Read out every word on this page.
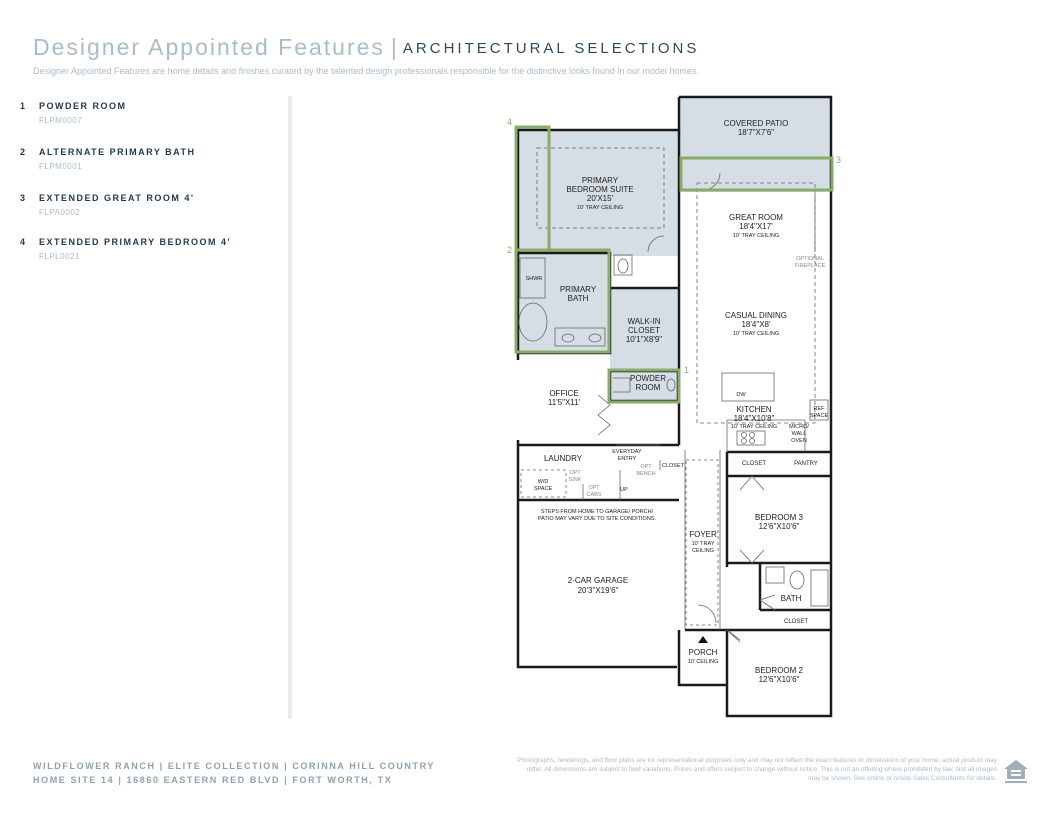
Designer Appointed Features | ARCHITECTURAL SELECTIONS
Designer Appointed Features are home details and finishes curated by the talented design professionals responsible for the distinctive looks found in our model homes.
1 POWDER ROOM
FLPM0007
2 ALTERNATE PRIMARY BATH
FLPM0001
3 EXTENDED GREAT ROOM 4'
FLPA0002
4 EXTENDED PRIMARY BEDROOM 4'
FLPL0021
4
2
3
1
COVERED PATIO
18'7"X7'6"
PRIMARY
BEDROOM SUITE
20'X15'
10' TRAY CEILING
GREAT ROOM
18'4"X17'
10' TRAY CEILING
OPTIONAL
FIREPLACE
SHWR
PRIMARY
BATH
WALK-IN
CLOSET
10'1"X8'9"
CASUAL DINING
18'4"X8'
10' TRAY CEILING
POWDER
ROOM
OFFICE
11'5"X11'
DW
KITCHEN
18'4"X10'8"
10' TRAY CEILING
REF
SPACE
MICRO/
WALL
OVEN
EVERYDAY
ENTRY
OPT
BENCH
CLOSET
LAUNDRY
W/D
SPACE
OPT
SINK
OPT
CABS
UP
CLOSET	PANTRY
STEPS FROM HOME TO GARAGE/ PORCH/
PATIO MAY VARY DUE TO SITE CONDITIONS.	BEDROOM 3
12'6"X10'6"
FOYER
10' TRAY
CEILING
2-CAR GARAGE
20'3"X19'6"
BATH
CLOSET
PORCH
10' CEILING
BEDROOM 2
12'6"X10'6"
WILDFLOWER RANCH | ELITE COLLECTION | CORINNA HILL COUNTRY
HOME SITE 14 | 16860 EASTERN RED BLVD | FORT WORTH, TX
Photographs, renderings, and floor plans are for representational purposes only and may not reflect the exact features or dimensions of your home; actual product may differ. All dimensions are subject to field variations. Prices and offers subject to change without notice. This is not an offering where prohibited by law. Not all images may be shown. See online or onsite Sales Consultants for details.
